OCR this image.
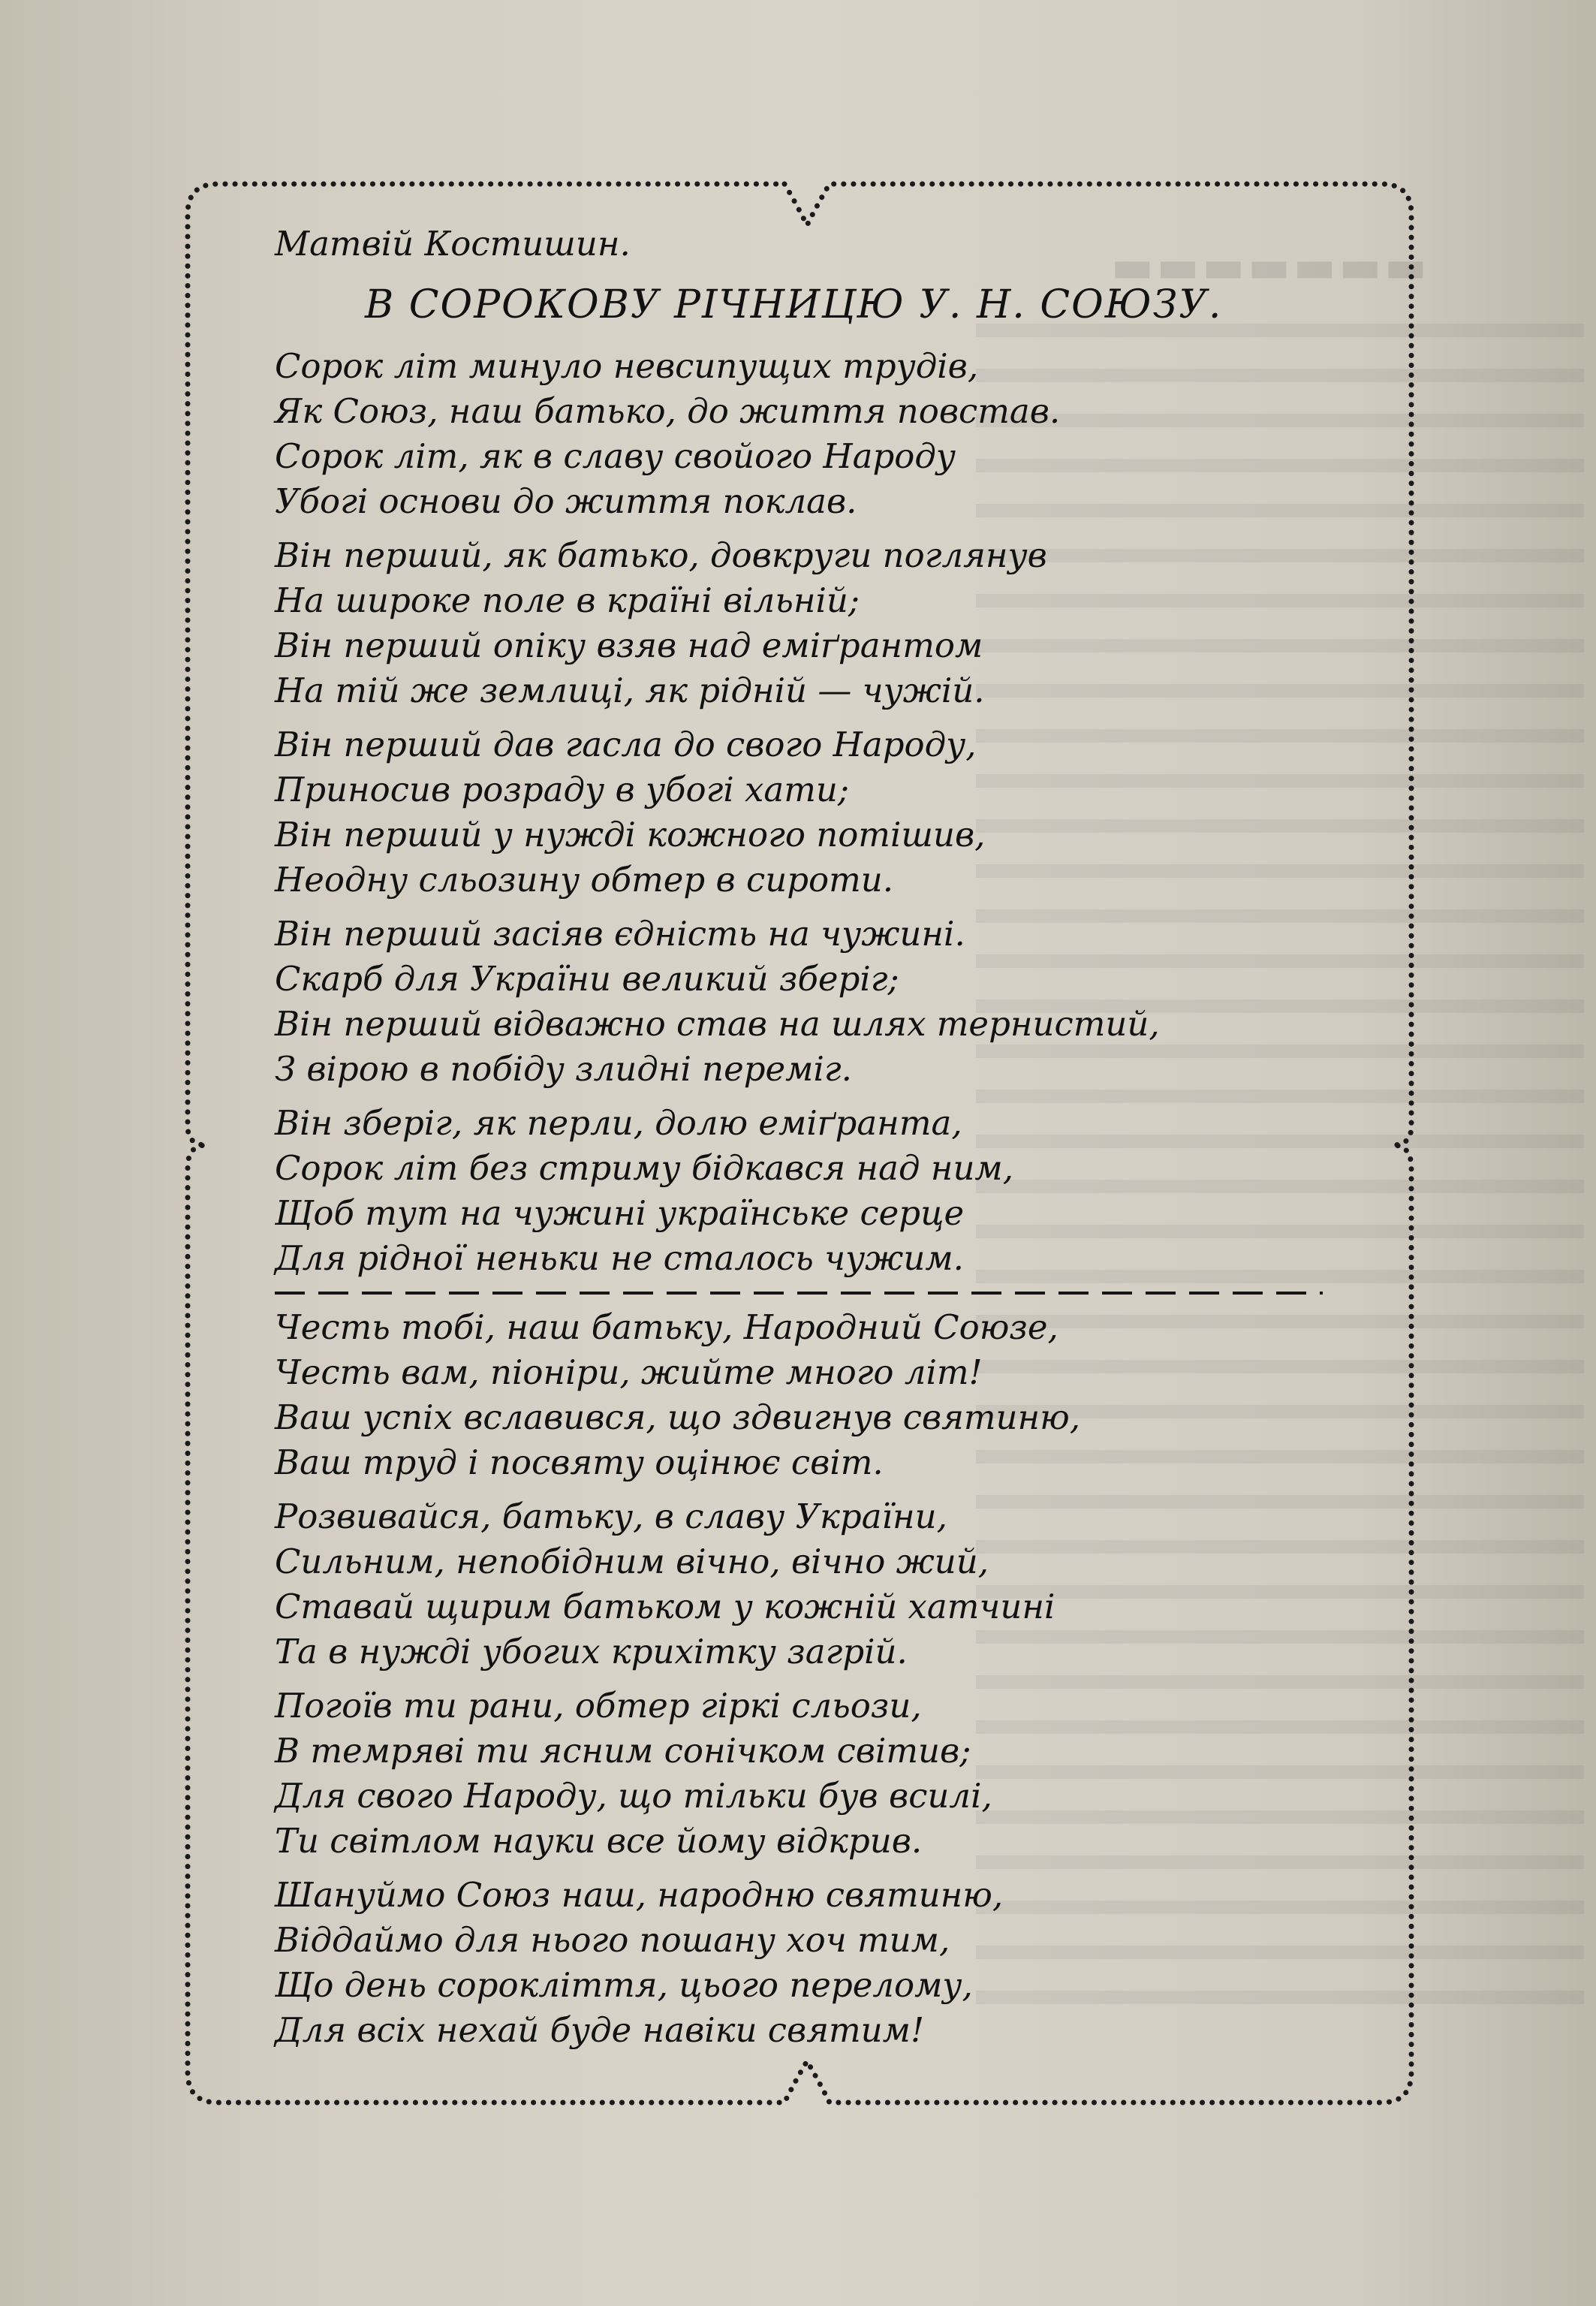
▬▬▬▬▬▬▬
Матвій Костишин.
В СОРОКОВУ РІЧНИЦЮ У. Н. СОЮЗУ.
Сорок літ минуло невсипущих трудів,
Як Союз, наш батько, до життя повстав.
Сорок літ, як в славу свойого Народу
Убогі основи до життя поклав.
Він перший, як батько, довкруги поглянув
На широке поле в країні вільній;
Він перший опіку взяв над еміґрантом
На тій же землиці, як рідній — чужій.
Він перший дав гасла до свого Народу,
Приносив розраду в убогі хати;
Він перший у нужді кожного потішив,
Неодну сльозину обтер в сироти.
Він перший засіяв єдність на чужині.
Скарб для України великий зберіг;
Він перший відважно став на шлях тернистий,
З вірою в побіду злидні переміг.
Він зберіг, як перли, долю еміґранта,
Сорок літ без стриму бідкався над ним,
Щоб тут на чужині українське серце
Для рідної неньки не сталось чужим.
Честь тобі, наш батьку, Народний Союзе,
Честь вам, піоніри, жийте много літ!
Ваш успіх вславився, що здвигнув святиню,
Ваш труд і посвяту оцінює світ.
Розвивайся, батьку, в славу України,
Сильним, непобідним вічно, вічно жий,
Ставай щирим батьком у кожній хатчині
Та в нужді убогих крихітку загрій.
Погоїв ти рани, обтер гіркі сльози,
В темряві ти ясним сонічком світив;
Для свого Народу, що тільки був всилі,
Ти світлом науки все йому відкрив.
Шануймо Союз наш, народню святиню,
Віддаймо для нього пошану хоч тим,
Що день сорокліття, цього перелому,
Для всіх нехай буде навіки святим!
